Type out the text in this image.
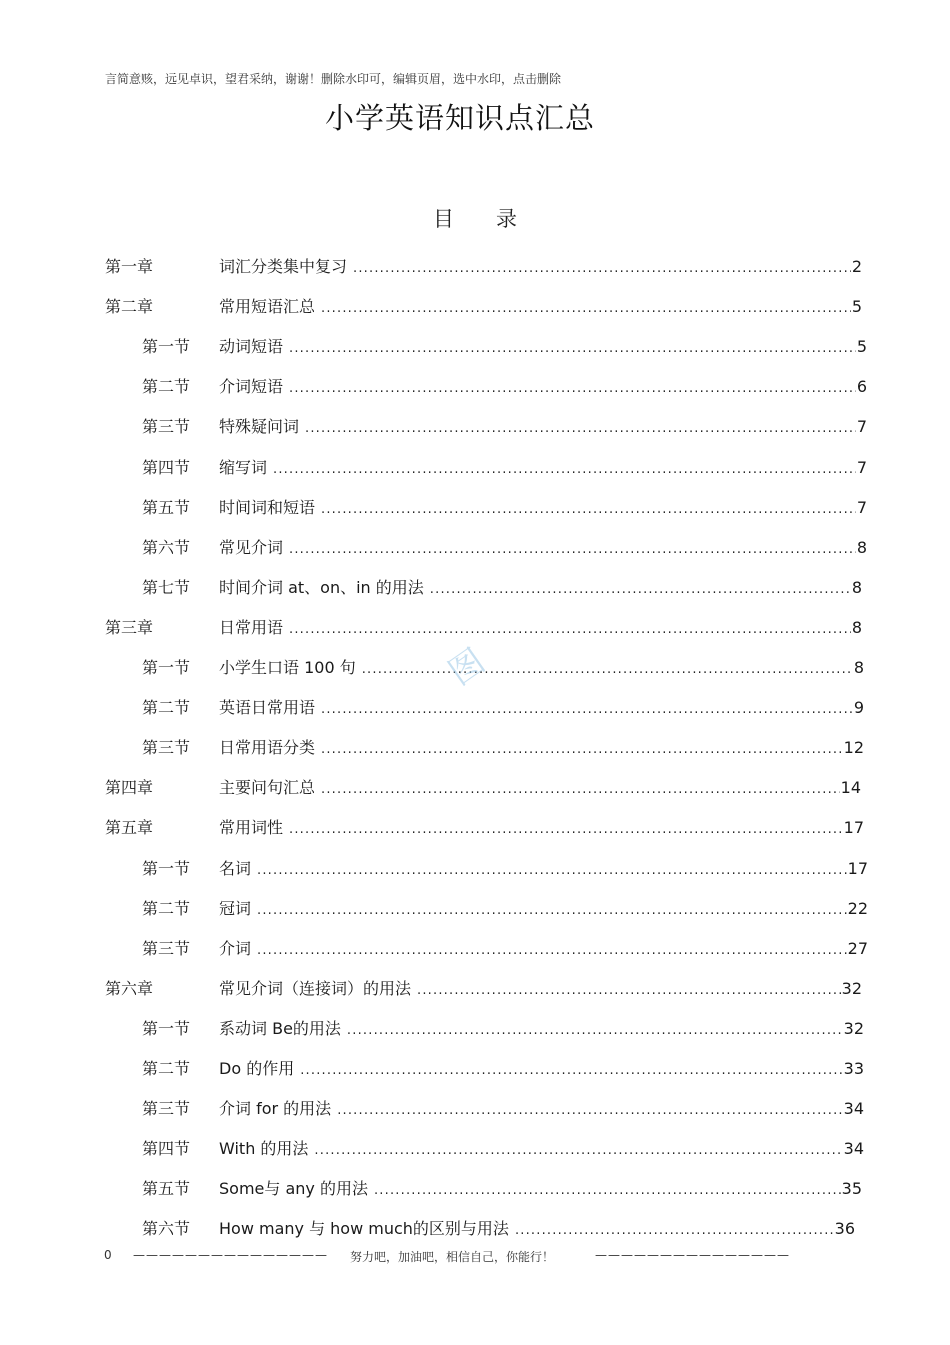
言简意赅，远见卓识，望君采纳，谢谢！删除水印可，编辑页眉，选中水印，点击删除
小学英语知识点汇总
目　　录
第一章	词汇分类集中复习 .....	2
第二章	常用短语汇总 .....	5
第一节 动词短语 .....	5
第二节 介词短语 .....	6
第三节 特殊疑问词 .....	7
第四节 缩写词 .....	7
第五节 时间词和短语 .....	7
第六节 常见介词 .....	8
第七节 时间介词 at、on、in 的用法 .....	8
第三章	日常用语 .....	8
第一节 小学生口语 100 句 .....	8
第二节 英语日常用语 .....	9
第三节 日常用语分类 .....	12
第四章	主要问句汇总 .....	14
第五章	常用词性 .....	17
第一节 名词 .....	17
第二节 冠词 .....	22
第三节 介词 .....	27
第六章	常见介词（连接词）的用法 .....	32
第一节 系动词 Be的用法 .....	32
第二节 Do 的作用 .....	33
第三节 介词 for 的用法 .....	34
第四节 With 的用法 .....	34
第五节 Some与 any 的用法 .....	35
第六节 How many 与 how much的区别与用法 .....	36
图
0 ——————————————— 努力吧，加油吧，相信自己，你能行！	———————————————
